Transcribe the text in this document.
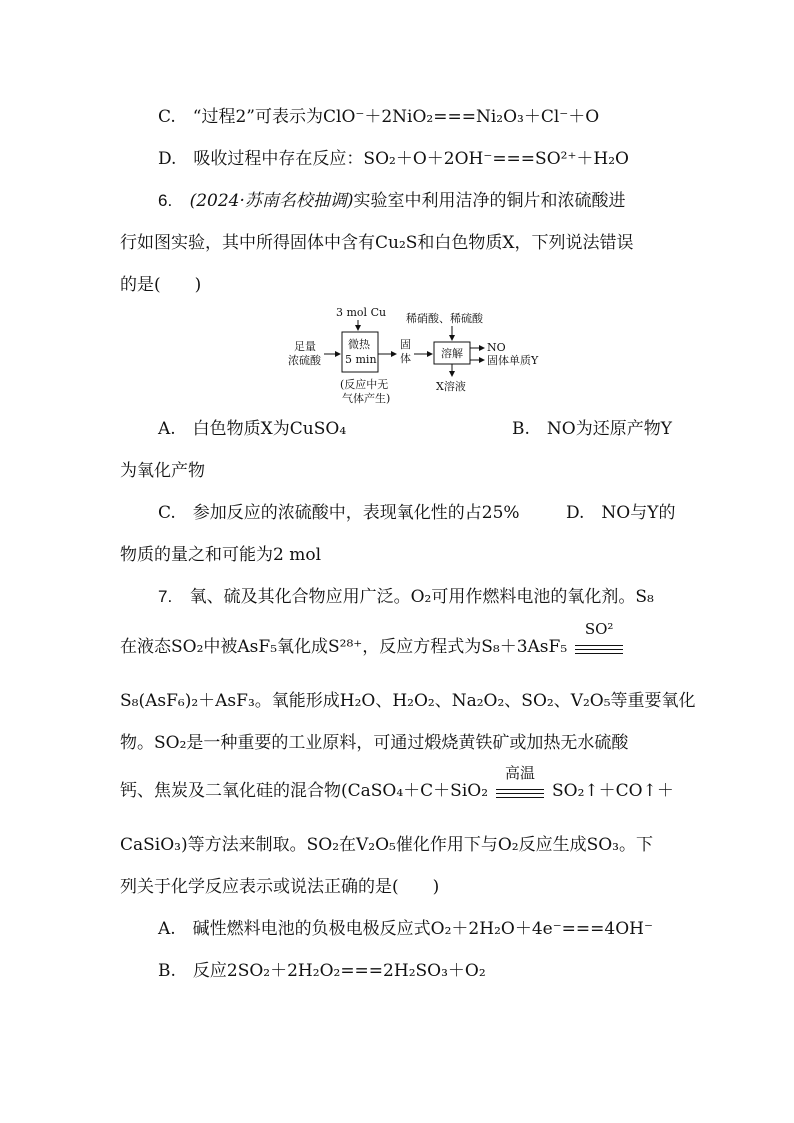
C.　“过程2”可表示为ClO⁻＋2NiO₂===Ni₂O₃＋Cl⁻＋O
D.　吸收过程中存在反应：SO₂＋O＋2OH⁻===SO²⁺＋H₂O
6. (2024·苏南名校抽调)实验室中利用洁净的铜片和浓硫酸进
行如图实验，其中所得固体中含有Cu₂S和白色物质X，下列说法错误
的是(　　)
3 mol Cu
足量
浓硫酸
微热
5 min
(反应中无
气体产生)
固
体
稀硝酸、稀硫酸
溶解 NO
固体单质Y
X溶液
A.　白色物质X为CuSO₄	B.　NO为还原产物Y
为氧化产物
C.　参加反应的浓硫酸中，表现氧化性的占25%	D.　NO与Y的
物质的量之和可能为2 mol
7. 氧、硫及其化合物应用广泛。O₂可用作燃料电池的氧化剂。S₈
在液态SO₂中被AsF₅氧化成S²⁸⁺，反应方程式为S₈＋3AsF₅
SO²
S₈(AsF₆)₂＋AsF₃。氧能形成H₂O、H₂O₂、Na₂O₂、SO₂、V₂O₅等重要氧化
物。SO₂是一种重要的工业原料，可通过煅烧黄铁矿或加热无水硫酸
钙、焦炭及二氧化硅的混合物(CaSO₄＋C＋SiO₂
高温
SO₂↑＋CO↑＋
CaSiO₃)等方法来制取。SO₂在V₂O₅催化作用下与O₂反应生成SO₃。下
列关于化学反应表示或说法正确的是(　　)
A.　碱性燃料电池的负极电极反应式O₂＋2H₂O＋4e⁻===4OH⁻
B.　反应2SO₂＋2H₂O₂===2H₂SO₃＋O₂
